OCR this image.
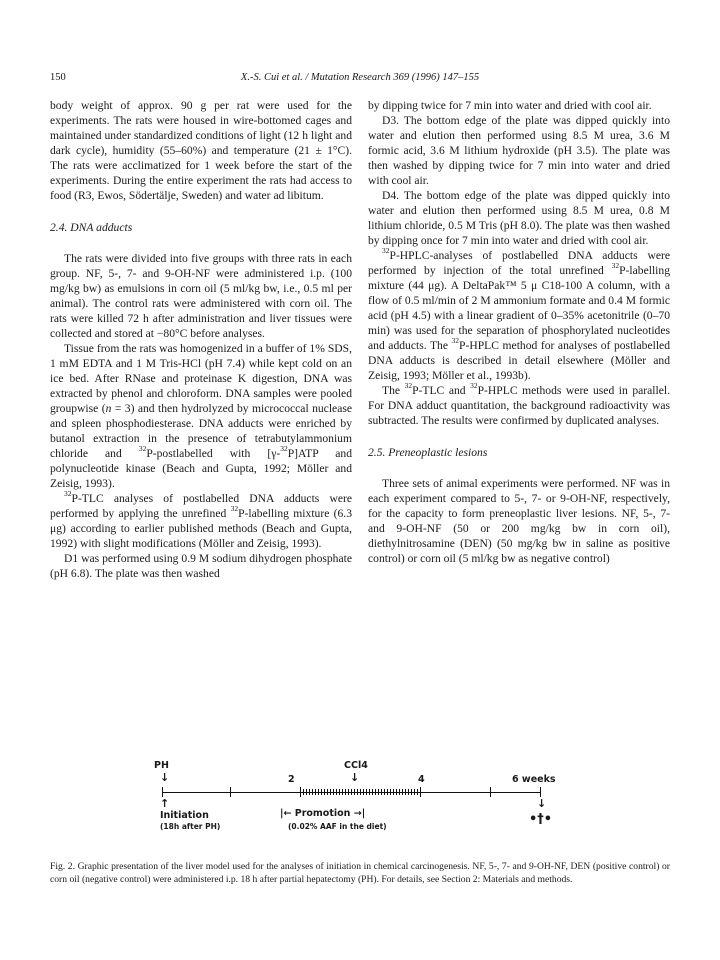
150	X.-S. Cui et al. / Mutation Research 369 (1996) 147–155

body weight of approx. 90 g per rat were used for the experiments. The rats were housed in wire-bottomed cages and maintained under standardized conditions of light (12 h light and dark cycle), humidity (55–60%) and temperature (21 ± 1°C). The rats were acclimatized for 1 week before the start of the experiments. During the entire experiment the rats had access to food (R3, Ewos, Södertälje, Sweden) and water ad libitum.

2.4. DNA adducts

The rats were divided into five groups with three rats in each group. NF, 5-, 7- and 9-OH-NF were administered i.p. (100 mg/kg bw) as emulsions in corn oil (5 ml/kg bw, i.e., 0.5 ml per animal). The control rats were administered with corn oil. The rats were killed 72 h after administration and liver tissues were collected and stored at −80°C before analyses.

Tissue from the rats was homogenized in a buffer of 1% SDS, 1 mM EDTA and 1 M Tris-HCl (pH 7.4) while kept cold on an ice bed. After RNase and proteinase K digestion, DNA was extracted by phenol and chloroform. DNA samples were pooled groupwise (n = 3) and then hydrolyzed by micrococcal nuclease and spleen phosphodiesterase. DNA adducts were enriched by butanol extraction in the presence of tetrabutylammonium chloride and $^{32}$P-postlabelled with [γ-$^{32}$P]ATP and polynucleotide kinase (Beach and Gupta, 1992; Möller and Zeisig, 1993).

$^{32}$P-TLC analyses of postlabelled DNA adducts were performed by applying the unrefined $^{32}$P-labelling mixture (6.3 μg) according to earlier published methods (Beach and Gupta, 1992) with slight modifications (Möller and Zeisig, 1993).

D1 was performed using 0.9 M sodium dihydrogen phosphate (pH 6.8). The plate was then washed

by dipping twice for 7 min into water and dried with cool air.

D3. The bottom edge of the plate was dipped quickly into water and elution then performed using 8.5 M urea, 3.6 M formic acid, 3.6 M lithium hydroxide (pH 3.5). The plate was then washed by dipping twice for 7 min into water and dried with cool air.

D4. The bottom edge of the plate was dipped quickly into water and elution then performed using 8.5 M urea, 0.8 M lithium chloride, 0.5 M Tris (pH 8.0). The plate was then washed by dipping once for 7 min into water and dried with cool air.

$^{32}$P-HPLC-analyses of postlabelled DNA adducts were performed by injection of the total unrefined $^{32}$P-labelling mixture (44 μg). A DeltaPak™ 5 μ C18-100 A column, with a flow of 0.5 ml/min of 2 M ammonium formate and 0.4 M formic acid (pH 4.5) with a linear gradient of 0–35% acetonitrile (0–70 min) was used for the separation of phosphorylated nucleotides and adducts. The $^{32}$P-HPLC method for analyses of postlabelled DNA adducts is described in detail elsewhere (Möller and Zeisig, 1993; Möller et al., 1993b).

The $^{32}$P-TLC and $^{32}$P-HPLC methods were used in parallel. For DNA adduct quantitation, the background radioactivity was subtracted. The results were confirmed by duplicated analyses.

2.5. Preneoplastic lesions

Three sets of animal experiments were performed. NF was in each experiment compared to 5-, 7- or 9-OH-NF, respectively, for the capacity to form preneoplastic liver lesions. NF, 5-, 7- and 9-OH-NF (50 or 200 mg/kg bw in corn oil), diethylnitrosamine (DEN) (50 mg/kg bw in saline as positive control) or corn oil (5 ml/kg bw as negative control)

PH
↓
CCl4
↓
2	4	6 weeks
↑
Initiation
(18h after PH)
|← Promotion →|
(0.02% AAF in the diet)
↓
•†•

Fig. 2. Graphic presentation of the liver model used for the analyses of initiation in chemical carcinogenesis. NF, 5-, 7- and 9-OH-NF, DEN (positive control) or corn oil (negative control) were administered i.p. 18 h after partial hepatectomy (PH). For details, see Section 2: Materials and methods.
